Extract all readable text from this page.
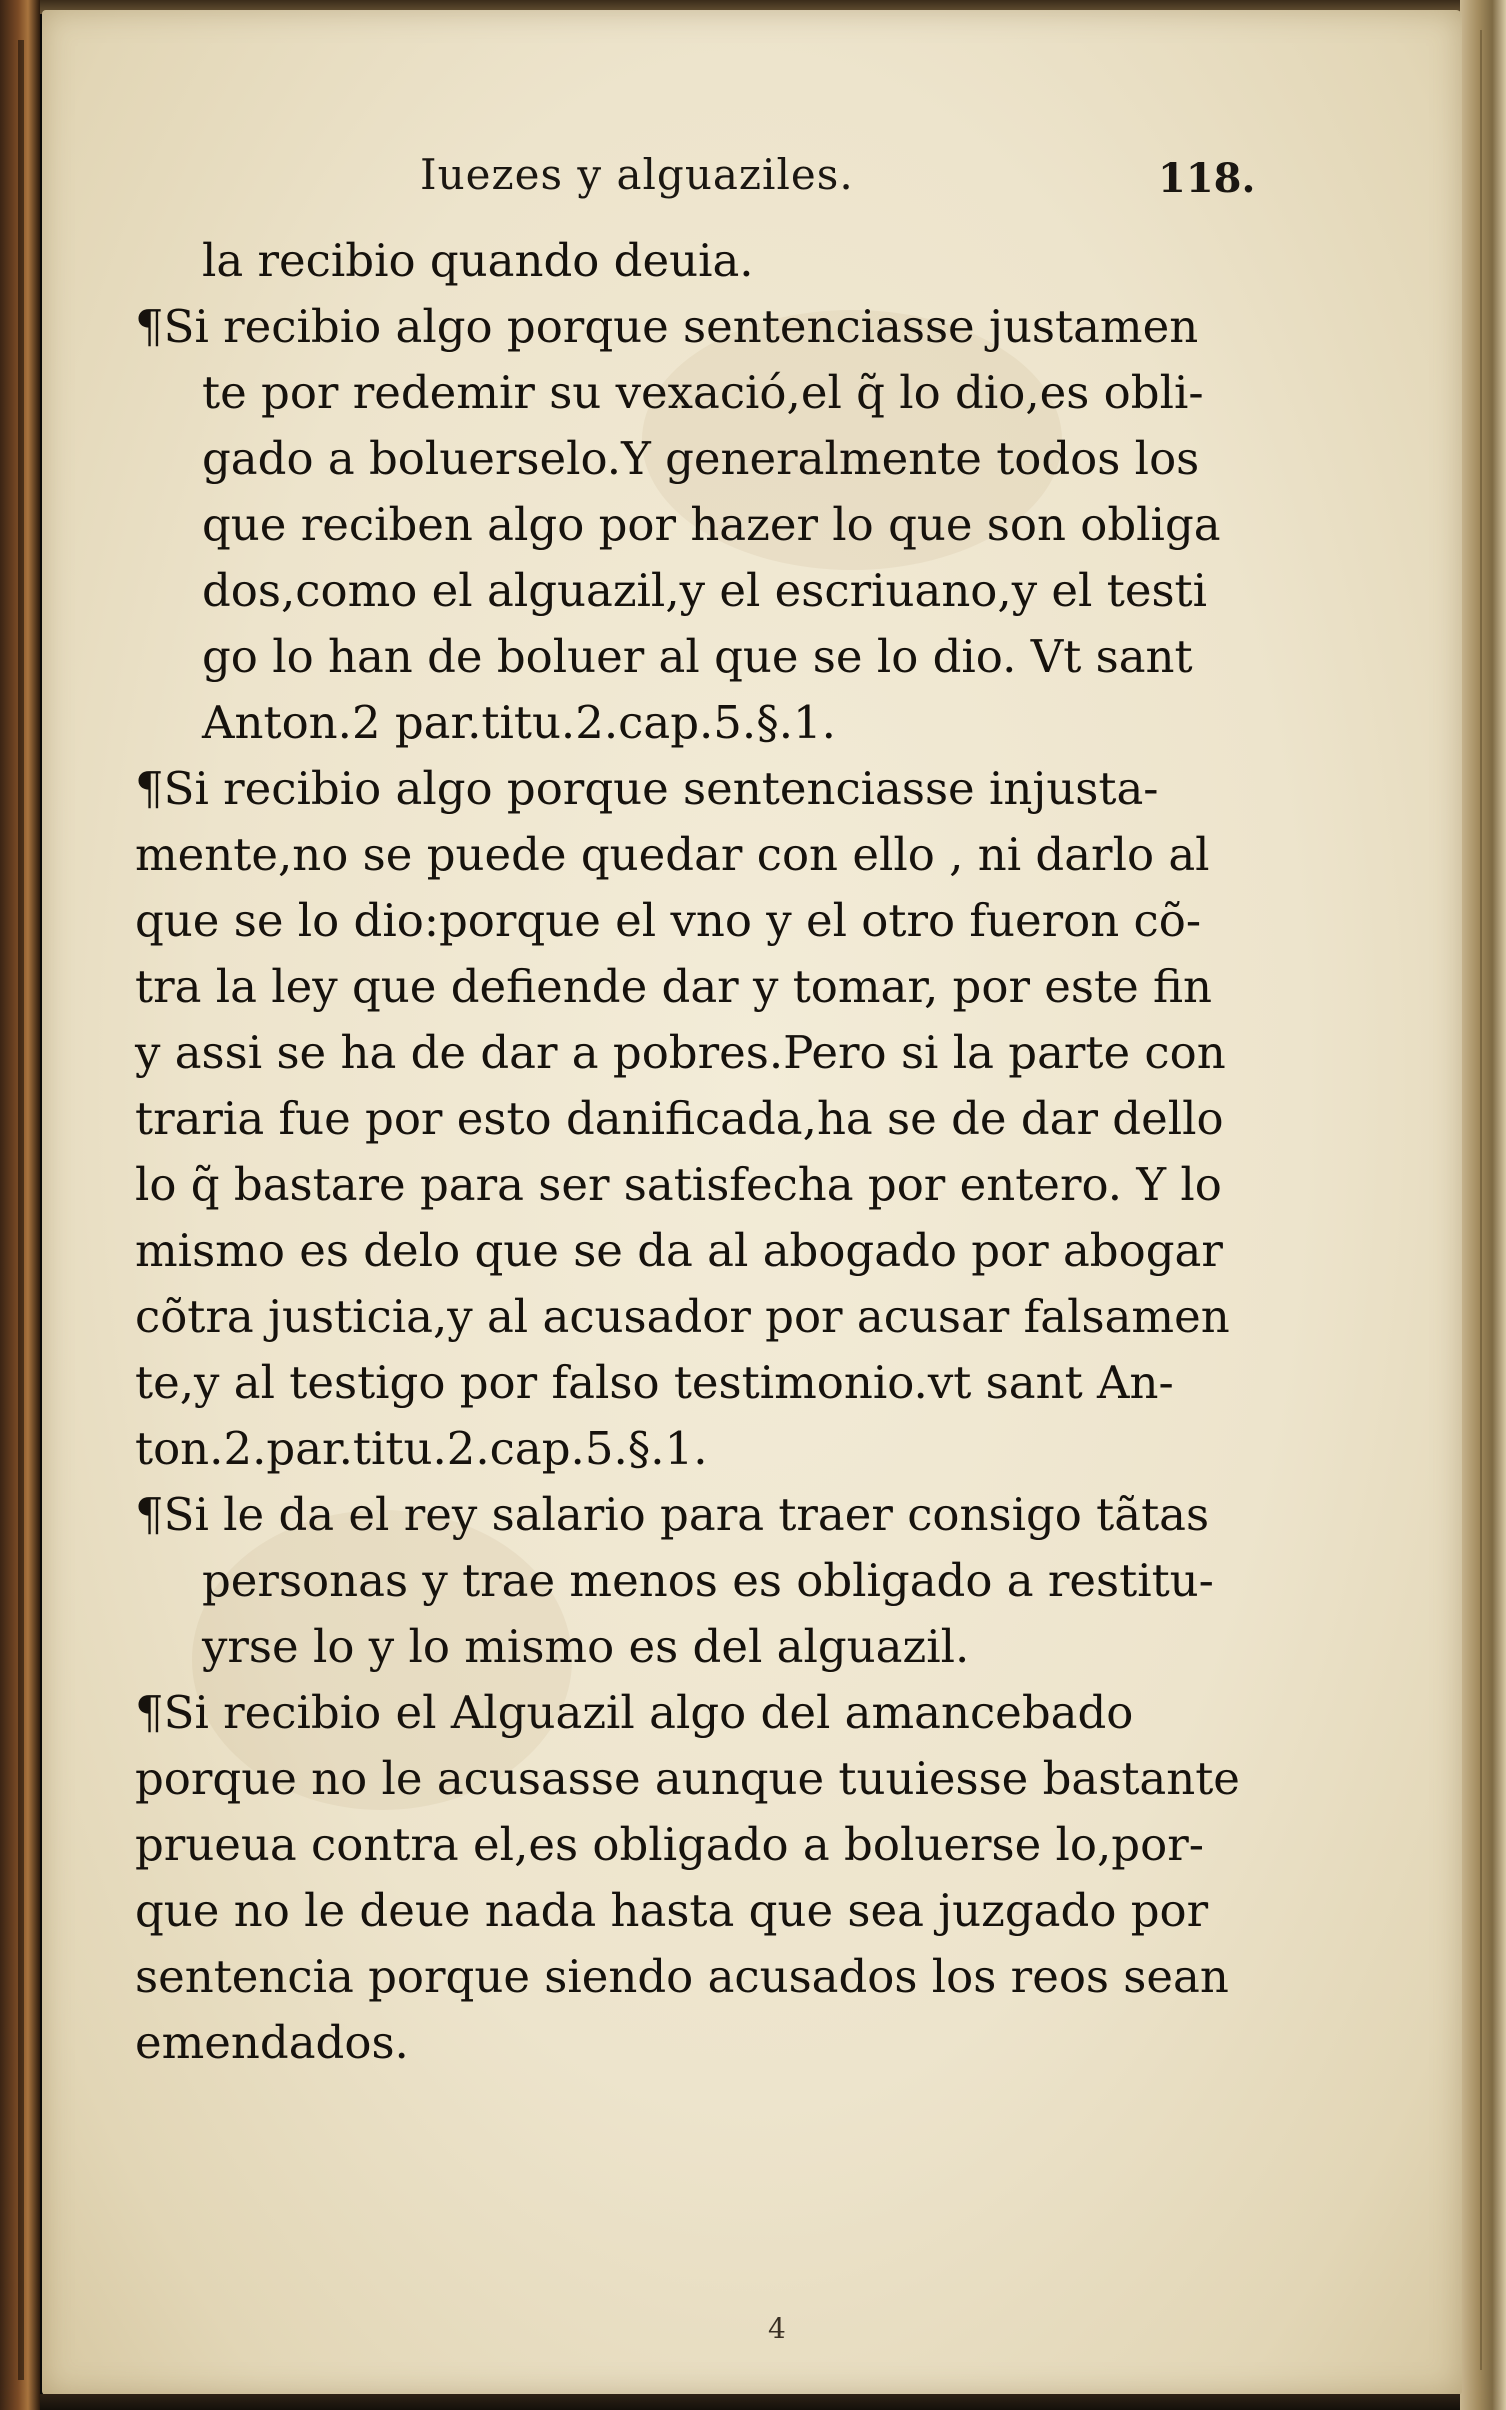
Iuezes y alguaziles.	118.
la recibio quando deuia.
¶Si recibio algo porque sentenciasse justamen
te por redemir su vexació,el q̃ lo dio,es obli-
gado a boluerselo.Y generalmente todos los
que reciben algo por hazer lo que son obliga
dos,como el alguazil,y el escriuano,y el testi
go lo han de boluer al que se lo dio. Vt sant
Anton.2 par.titu.2.cap.5.§.1.
¶Si recibio algo porque sentenciasse injusta-
mente,no se puede quedar con ello , ni darlo al
que se lo dio:porque el vno y el otro fueron cõ-
tra la ley que defiende dar y tomar, por este fin
y assi se ha de dar a pobres.Pero si la parte con
traria fue por esto danificada,ha se de dar dello
lo q̃ bastare para ser satisfecha por entero. Y lo
mismo es delo que se da al abogado por abogar
cõtra justicia,y al acusador por acusar falsamen
te,y al testigo por falso testimonio.vt sant An-
ton.2.par.titu.2.cap.5.§.1.
¶Si le da el rey salario para traer consigo tãtas
personas y trae menos es obligado a restitu-
yrse lo y lo mismo es del alguazil.
¶Si recibio el Alguazil algo del amancebado
porque no le acusasse aunque tuuiesse bastante
prueua contra el,es obligado a boluerse lo,por-
que no le deue nada hasta que sea juzgado por
sentencia porque siendo acusados los reos sean
emendados.
4
